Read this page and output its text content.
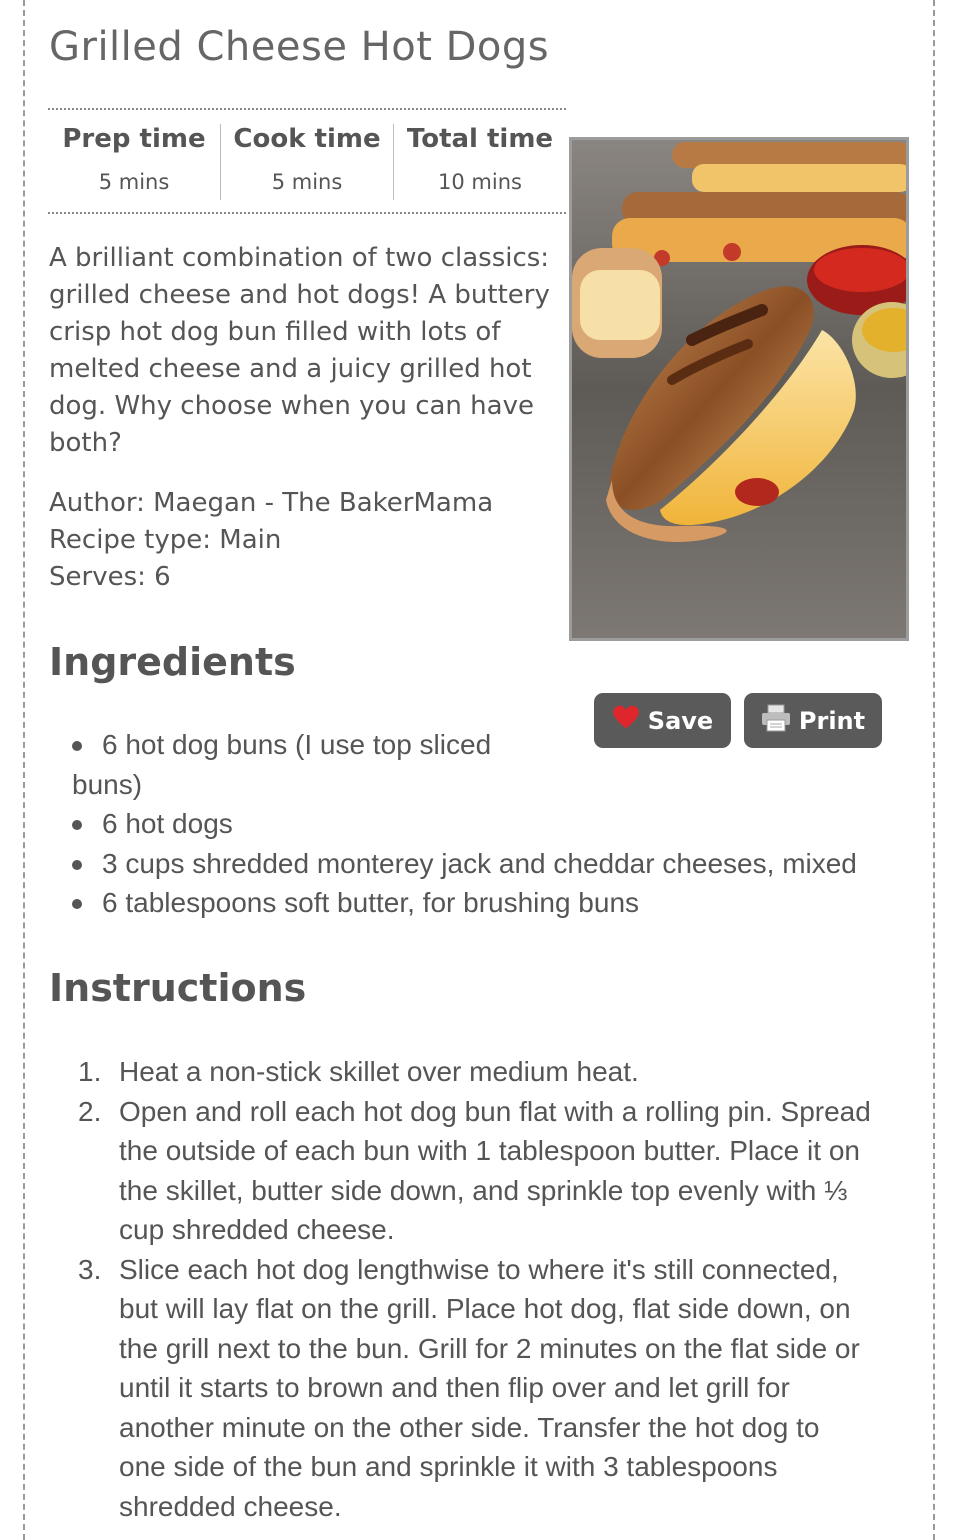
Grilled Cheese Hot Dogs
Prep time
5 mins
Cook time
5 mins
Total time
10 mins

A brilliant combination of two classics: grilled cheese and hot dogs! A buttery crisp hot dog bun filled with lots of melted cheese and a juicy grilled hot dog. Why choose when you can have both?

Author: Maegan - The BakerMama
Recipe type: Main
Serves: 6
Ingredients
Save	Print
6 hot dog buns (I use top sliced
buns)
6 hot dogs
3 cups shredded monterey jack and cheddar cheeses, mixed
6 tablespoons soft butter, for brushing buns
Instructions
1. Heat a non-stick skillet over medium heat.
2. Open and roll each hot dog bun flat with a rolling pin. Spread
the outside of each bun with 1 tablespoon butter. Place it on
the skillet, butter side down, and sprinkle top evenly with ⅓
cup shredded cheese.
3. Slice each hot dog lengthwise to where it's still connected,
but will lay flat on the grill. Place hot dog, flat side down, on
the grill next to the bun. Grill for 2 minutes on the flat side or
until it starts to brown and then flip over and let grill for
another minute on the other side. Transfer the hot dog to
one side of the bun and sprinkle it with 3 tablespoons
shredded cheese.
